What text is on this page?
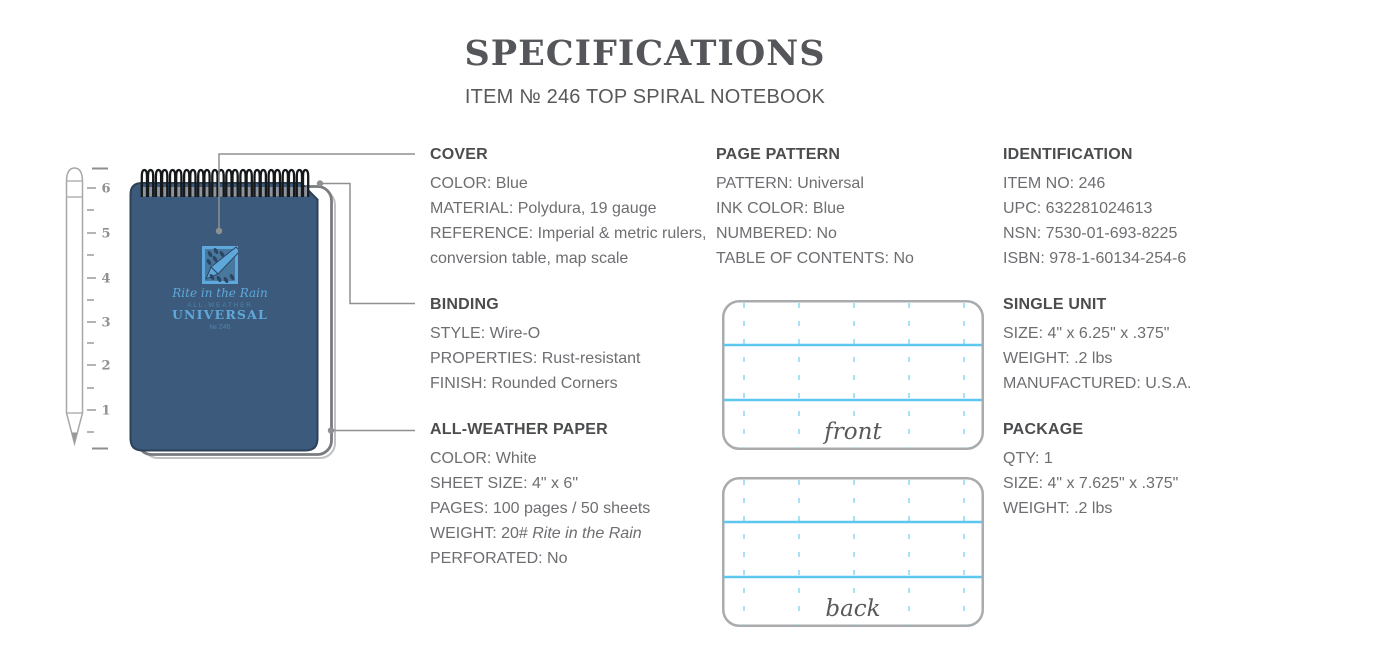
SPECIFICATIONS
ITEM № 246 TOP SPIRAL NOTEBOOK
6
5
4
3
2
1
Rite in the Rain
ALL-WEATHER
UNIVERSAL
№ 246
COVER
COLOR: Blue
MATERIAL: Polydura, 19 gauge
REFERENCE: Imperial & metric rulers, conversion table, map scale
BINDING
STYLE: Wire-O
PROPERTIES: Rust-resistant
FINISH: Rounded Corners
ALL-WEATHER PAPER
COLOR: White
SHEET SIZE: 4" x 6"
PAGES: 100 pages / 50 sheets
WEIGHT: 20# Rite in the Rain
PERFORATED: No
PAGE PATTERN
PATTERN: Universal
INK COLOR: Blue
NUMBERED: No
TABLE OF CONTENTS: No
front
back
IDENTIFICATION
ITEM NO: 246
UPC: 632281024613
NSN: 7530-01-693-8225
ISBN: 978-1-60134-254-6
SINGLE UNIT
SIZE: 4" x 6.25" x .375"
WEIGHT: .2 lbs
MANUFACTURED: U.S.A.
PACKAGE
QTY: 1
SIZE: 4" x 7.625" x .375"
WEIGHT: .2 lbs
